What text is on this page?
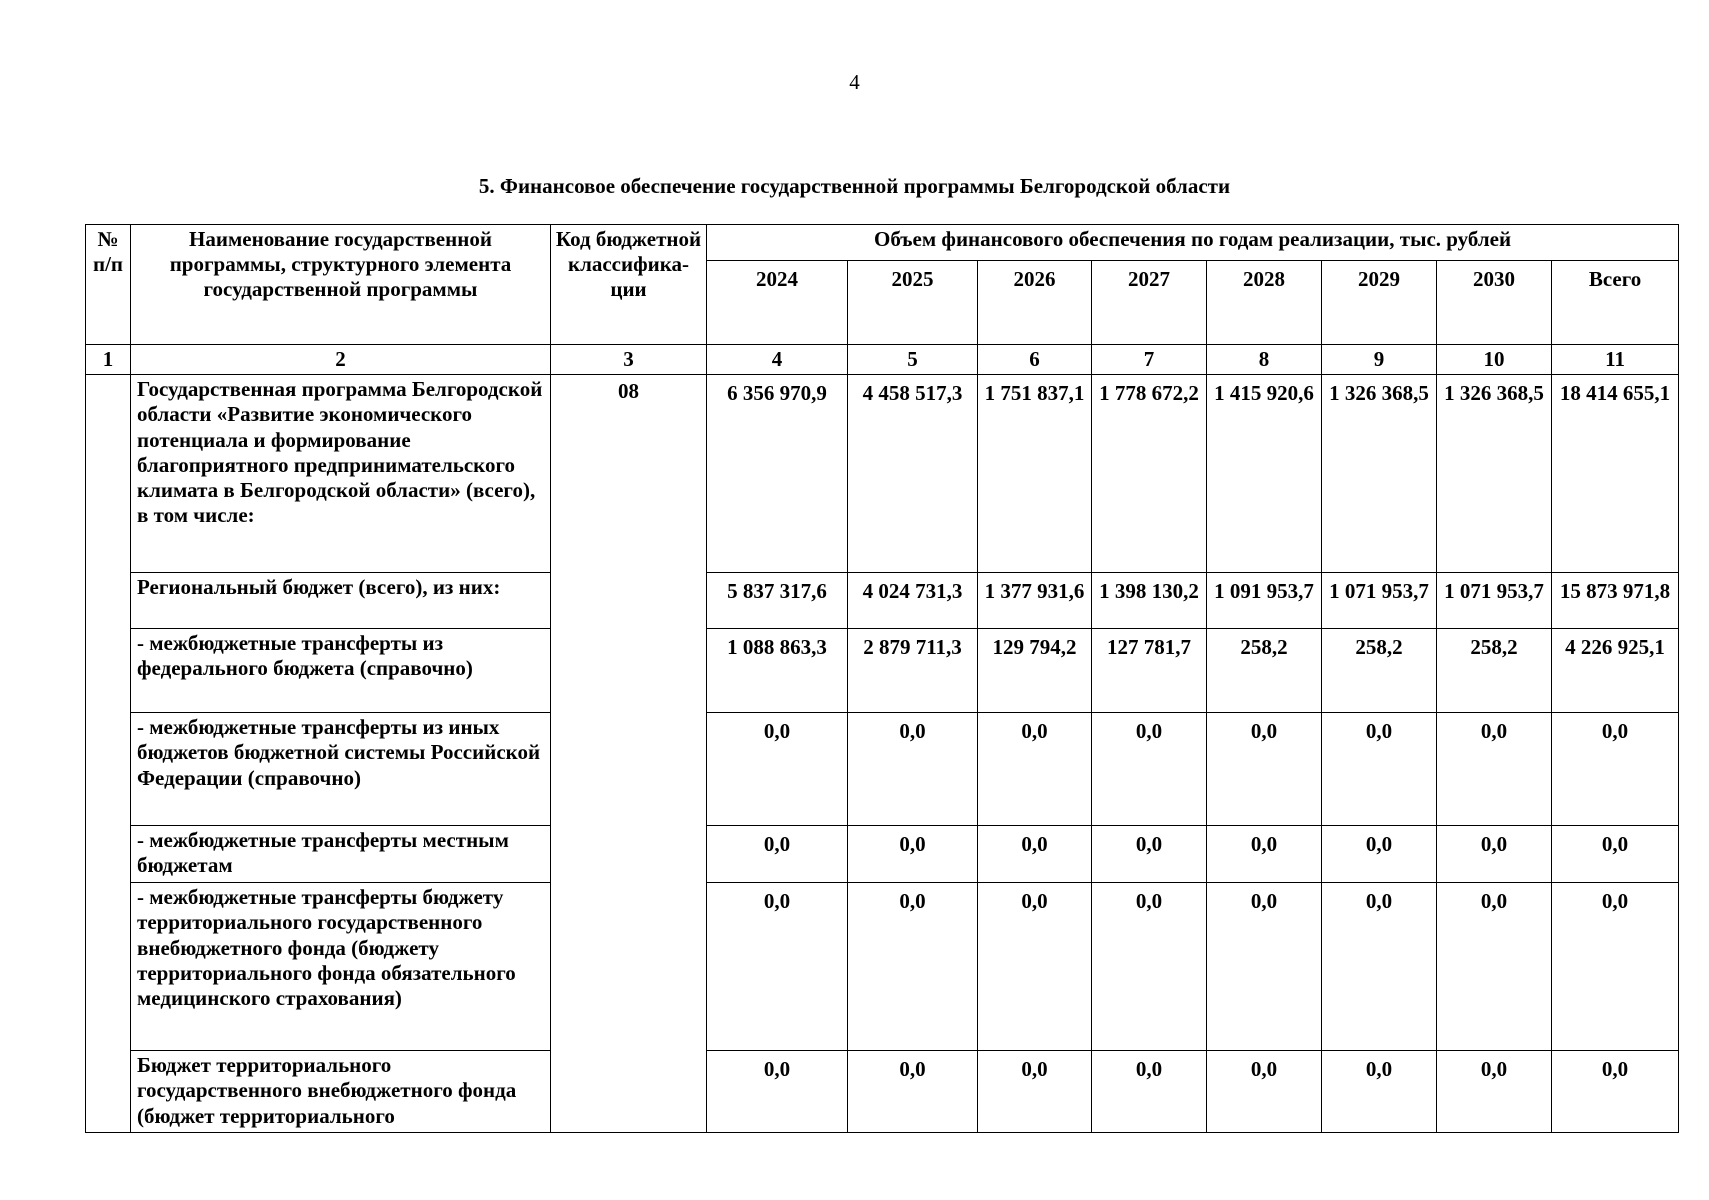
4
5. Финансовое обеспечение государственной программы Белгородской области
№ п/п	Наименование государственной программы, структурного элемента государственной программы	Код бюджетной классифика-ции	Объем финансового обеспечения по годам реализации, тыс. рублей							
			2024	2025	2026	2027	2028	2029	2030	Всего
1	2	3	4	5	6	7	8	9	10	11
	Государственная программа Белгородской области «Развитие экономического потенциала и формирование благоприятного предпринимательского климата в Белгородской области» (всего), в том числе:	08	6 356 970,9	4 458 517,3	1 751 837,1	1 778 672,2	1 415 920,6	1 326 368,5	1 326 368,5	18 414 655,1
	Региональный бюджет (всего), из них:		5 837 317,6	4 024 731,3	1 377 931,6	1 398 130,2	1 091 953,7	1 071 953,7	1 071 953,7	15 873 971,8
	- межбюджетные трансферты из федерального бюджета (справочно)		1 088 863,3	2 879 711,3	129 794,2	127 781,7	258,2	258,2	258,2	4 226 925,1
	- межбюджетные трансферты из иных бюджетов бюджетной системы Российской Федерации (справочно)		0,0	0,0	0,0	0,0	0,0	0,0	0,0	0,0
	- межбюджетные трансферты местным бюджетам		0,0	0,0	0,0	0,0	0,0	0,0	0,0	0,0
	- межбюджетные трансферты бюджету территориального государственного внебюджетного фонда (бюджету территориального фонда обязательного медицинского страхования)		0,0	0,0	0,0	0,0	0,0	0,0	0,0	0,0
	Бюджет территориального государственного внебюджетного фонда (бюджет территориального		0,0	0,0	0,0	0,0	0,0	0,0	0,0	0,0
